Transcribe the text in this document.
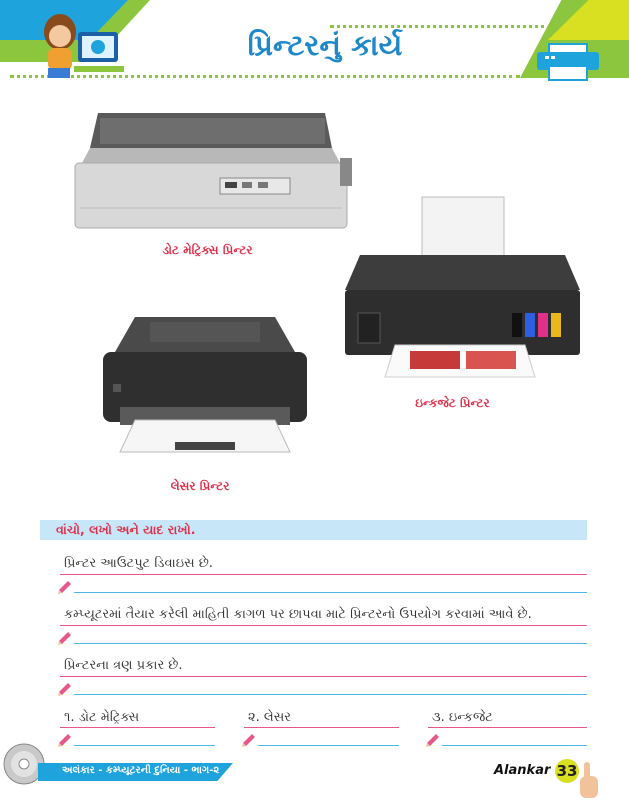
પ્રિન્ટરનું કાર્ય
ડોટ મેટ્રિક્સ પ્રિન્ટર
ઇન્કજેટ પ્રિન્ટર
લેસર પ્રિન્ટર
વાંચો, લખો અને યાદ રાખો.
પ્રિન્ટર આઉટપુટ ડિવાઇસ છે.
કમ્પ્યૂટરમાં તૈયાર કરેલી માહિતી કાગળ પર છાપવા માટે પ્રિન્ટરનો ઉપયોગ કરવામાં આવે છે.
પ્રિન્ટરના ત્રણ પ્રકાર છે.
૧. ડોટ મેટ્રિક્સ	૨. લેસર	૩. ઇન્કજેટ
અલંકાર - કમ્પ્યૂટરની દુનિયા - ભાગ-૨	Alankar 33
